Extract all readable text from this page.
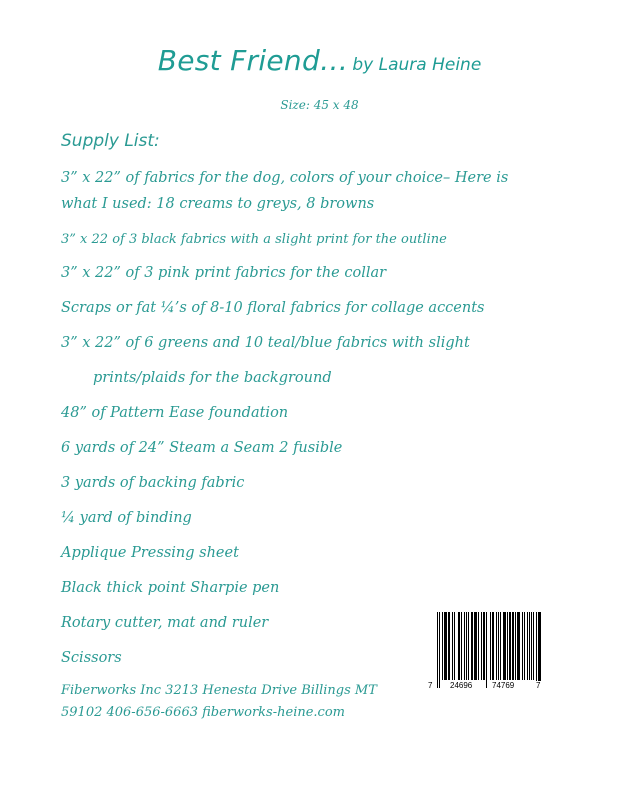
Best Friend… by Laura Heine
Size: 45 x 48
Supply List:
3” x 22” of fabrics for the dog, colors of your choice– Here is
what I used: 18 creams to greys, 8 browns
3” x 22 of 3 black fabrics with a slight print for the outline
3” x 22” of 3 pink print fabrics for the collar
Scraps or fat ¼’s of 8-10 floral fabrics for collage accents
3” x 22” of 6 greens and 10 teal/blue fabrics with slight
prints/plaids for the background
48” of Pattern Ease foundation
6 yards of 24” Steam a Seam 2 fusible
3 yards of backing fabric
¼ yard of binding
Applique Pressing sheet
Black thick point Sharpie pen
Rotary cutter, mat and ruler
Scissors
Fiberworks Inc 3213 Henesta Drive Billings MT
59102 406-656-6663 fiberworks-heine.com
7 24696 74769	7
